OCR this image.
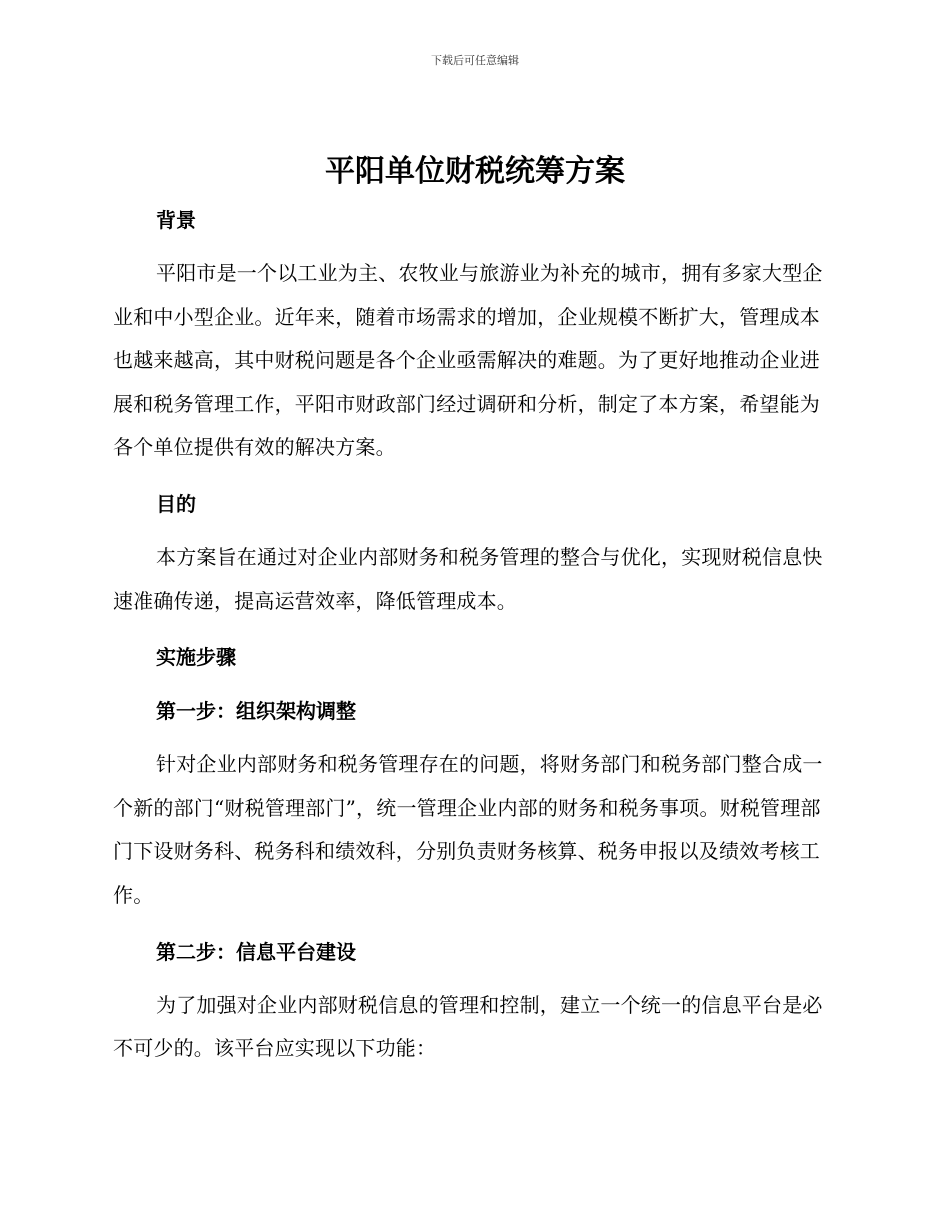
下载后可任意编辑
平阳单位财税统筹方案
背景

平阳市是一个以工业为主、农牧业与旅游业为补充的城市，拥有多家大型企业和中小型企业。近年来，随着市场需求的增加，企业规模不断扩大，管理成本也越来越高，其中财税问题是各个企业亟需解决的难题。为了更好地推动企业进展和税务管理工作，平阳市财政部门经过调研和分析，制定了本方案，希望能为各个单位提供有效的解决方案。

目的

本方案旨在通过对企业内部财务和税务管理的整合与优化，实现财税信息快速准确传递，提高运营效率，降低管理成本。

实施步骤
第一步：组织架构调整

针对企业内部财务和税务管理存在的问题，将财务部门和税务部门整合成一个新的部门“财税管理部门”，统一管理企业内部的财务和税务事项。财税管理部门下设财务科、税务科和绩效科，分别负责财务核算、税务申报以及绩效考核工作。

第二步：信息平台建设

为了加强对企业内部财税信息的管理和控制，建立一个统一的信息平台是必不可少的。该平台应实现以下功能：
